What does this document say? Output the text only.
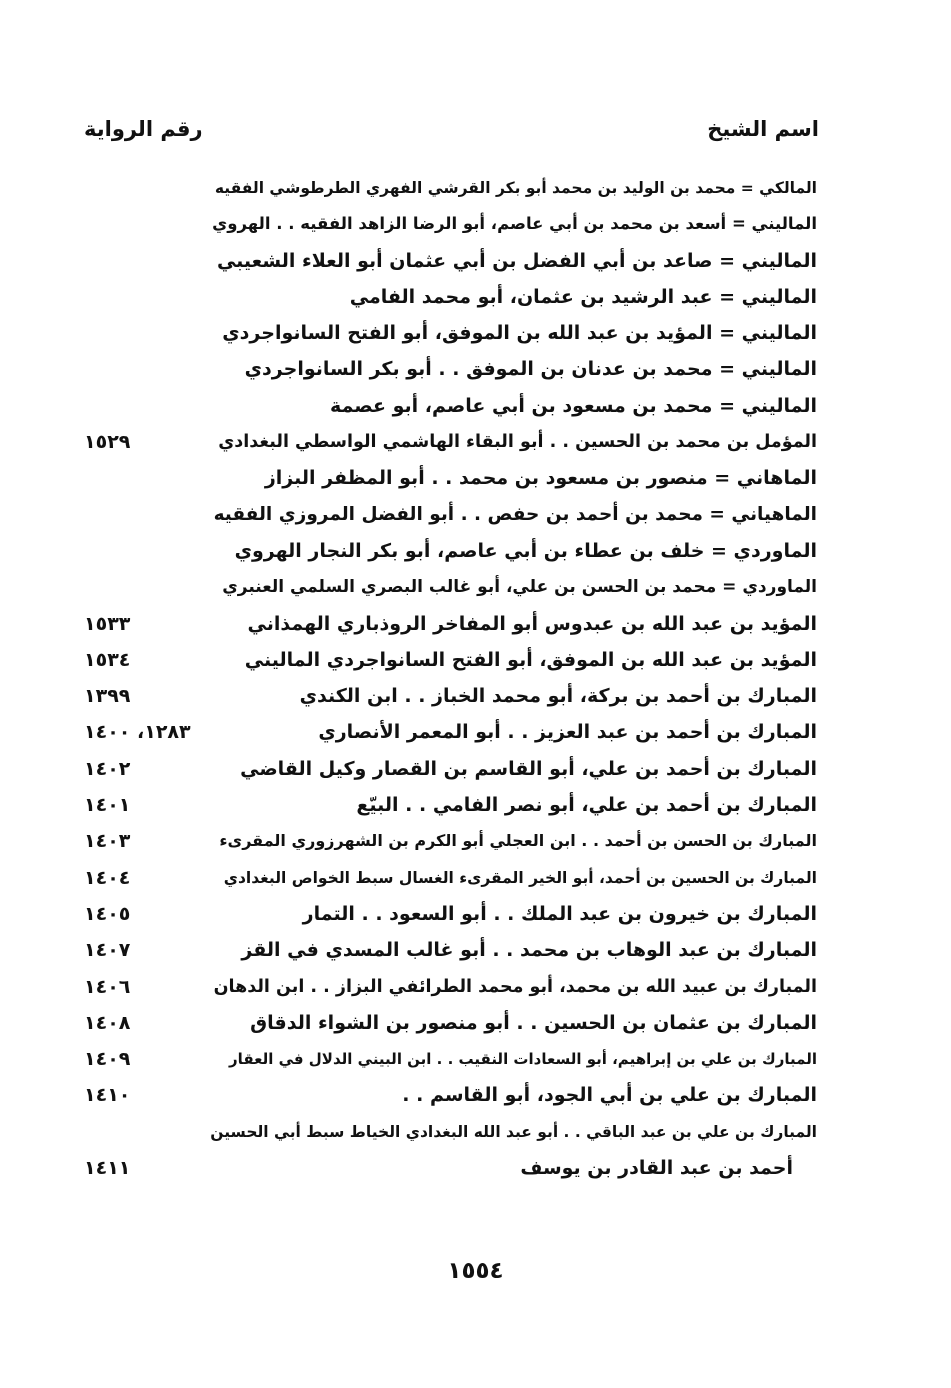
اسم الشيخ
رقم الرواية
المالكي = محمد بن الوليد بن محمد أبو بكر القرشي الفهري الطرطوشي الفقيه
الماليني = أسعد بن محمد بن أبي عاصم، أبو الرضا الزاهد الفقيه . . الهروي
الماليني = صاعد بن أبي الفضل بن أبي عثمان أبو العلاء الشعيبي
الماليني = عبد الرشيد بن عثمان، أبو محمد الفامي
الماليني = المؤيد بن عبد الله بن الموفق، أبو الفتح السانواجردي
الماليني = محمد بن عدنان بن الموفق . . أبو بكر السانواجردي
الماليني = محمد بن مسعود بن أبي عاصم، أبو عصمة
المؤمل بن محمد بن الحسين . . أبو البقاء الهاشمي الواسطي البغدادي
١٥٢٩
الماهاني = منصور بن مسعود بن محمد . . أبو المظفر البزاز
الماهياني = محمد بن أحمد بن حفص . . أبو الفضل المروزي الفقيه
الماوردي = خلف بن عطاء بن أبي عاصم، أبو بكر النجار الهروي
الماوردي = محمد بن الحسن بن علي، أبو غالب البصري السلمي العنبري
المؤيد بن عبد الله بن عبدوس أبو المفاخر الروذباري الهمذاني
١٥٣٣
المؤيد بن عبد الله بن الموفق، أبو الفتح السانواجردي الماليني
١٥٣٤
المبارك بن أحمد بن بركة، أبو محمد الخباز . . ابن الكندي
١٣٩٩
المبارك بن أحمد بن عبد العزيز . . أبو المعمر الأنصاري
١٢٨٣، ١٤٠٠
المبارك بن أحمد بن علي، أبو القاسم بن القصار وكيل القاضي
١٤٠٢
المبارك بن أحمد بن علي، أبو نصر الفامي . . البيّع
١٤٠١
المبارك بن الحسن بن أحمد . . ابن العجلي أبو الكرم بن الشهرزوري المقرىء
١٤٠٣
المبارك بن الحسين بن أحمد، أبو الخير المقرىء الغسال سبط الخواص البغدادي
١٤٠٤
المبارك بن خيرون بن عبد الملك . . أبو السعود . . التمار
١٤٠٥
المبارك بن عبد الوهاب بن محمد . . أبو غالب المسدي في القز
١٤٠٧
المبارك بن عبيد الله بن محمد، أبو محمد الطرائفي البزاز . . ابن الدهان
١٤٠٦
المبارك بن عثمان بن الحسين . . أبو منصور بن الشواء الدقاق
١٤٠٨
المبارك بن علي بن إبراهيم، أبو السعادات النقيب . . ابن البيني الدلال في العقار
١٤٠٩
المبارك بن علي بن أبي الجود، أبو القاسم . .
١٤١٠
المبارك بن علي بن عبد الباقي . . أبو عبد الله البغدادي الخياط سبط أبي الحسين
أحمد بن عبد القادر بن يوسف
١٤١١
١٥٥٤
